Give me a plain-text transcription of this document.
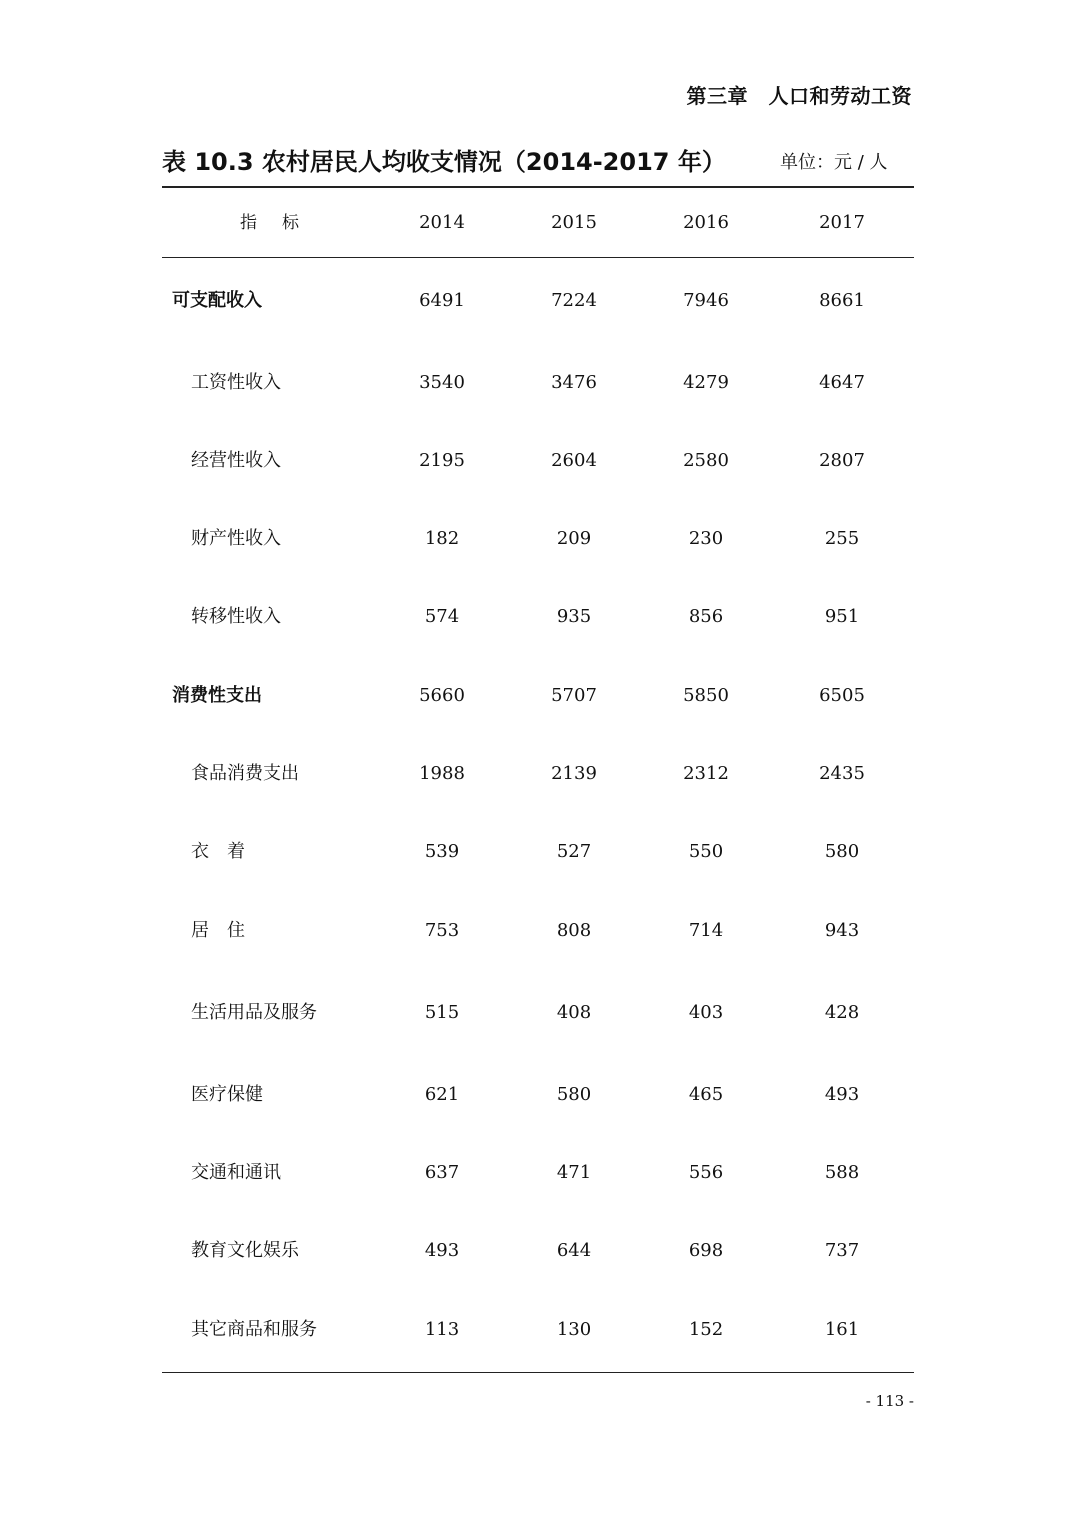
第三章　人口和劳动工资
表 10.3 农村居民人均收支情况（2014-2017 年）	单位：元 / 人
指　标	2014	2015	2016	2017
可支配收入	6491	7224	7946	8661
工资性收入	3540	3476	4279	4647
经营性收入	2195	2604	2580	2807
财产性收入	182	209	230	255
转移性收入	574	935	856	951
消费性支出	5660	5707	5850	6505
食品消费支出	1988	2139	2312	2435
衣　着	539	527	550	580
居　住	753	808	714	943
生活用品及服务	515	408	403	428
医疗保健	621	580	465	493
交通和通讯	637	471	556	588
教育文化娱乐	493	644	698	737
其它商品和服务	113	130	152	161
- 113 -
